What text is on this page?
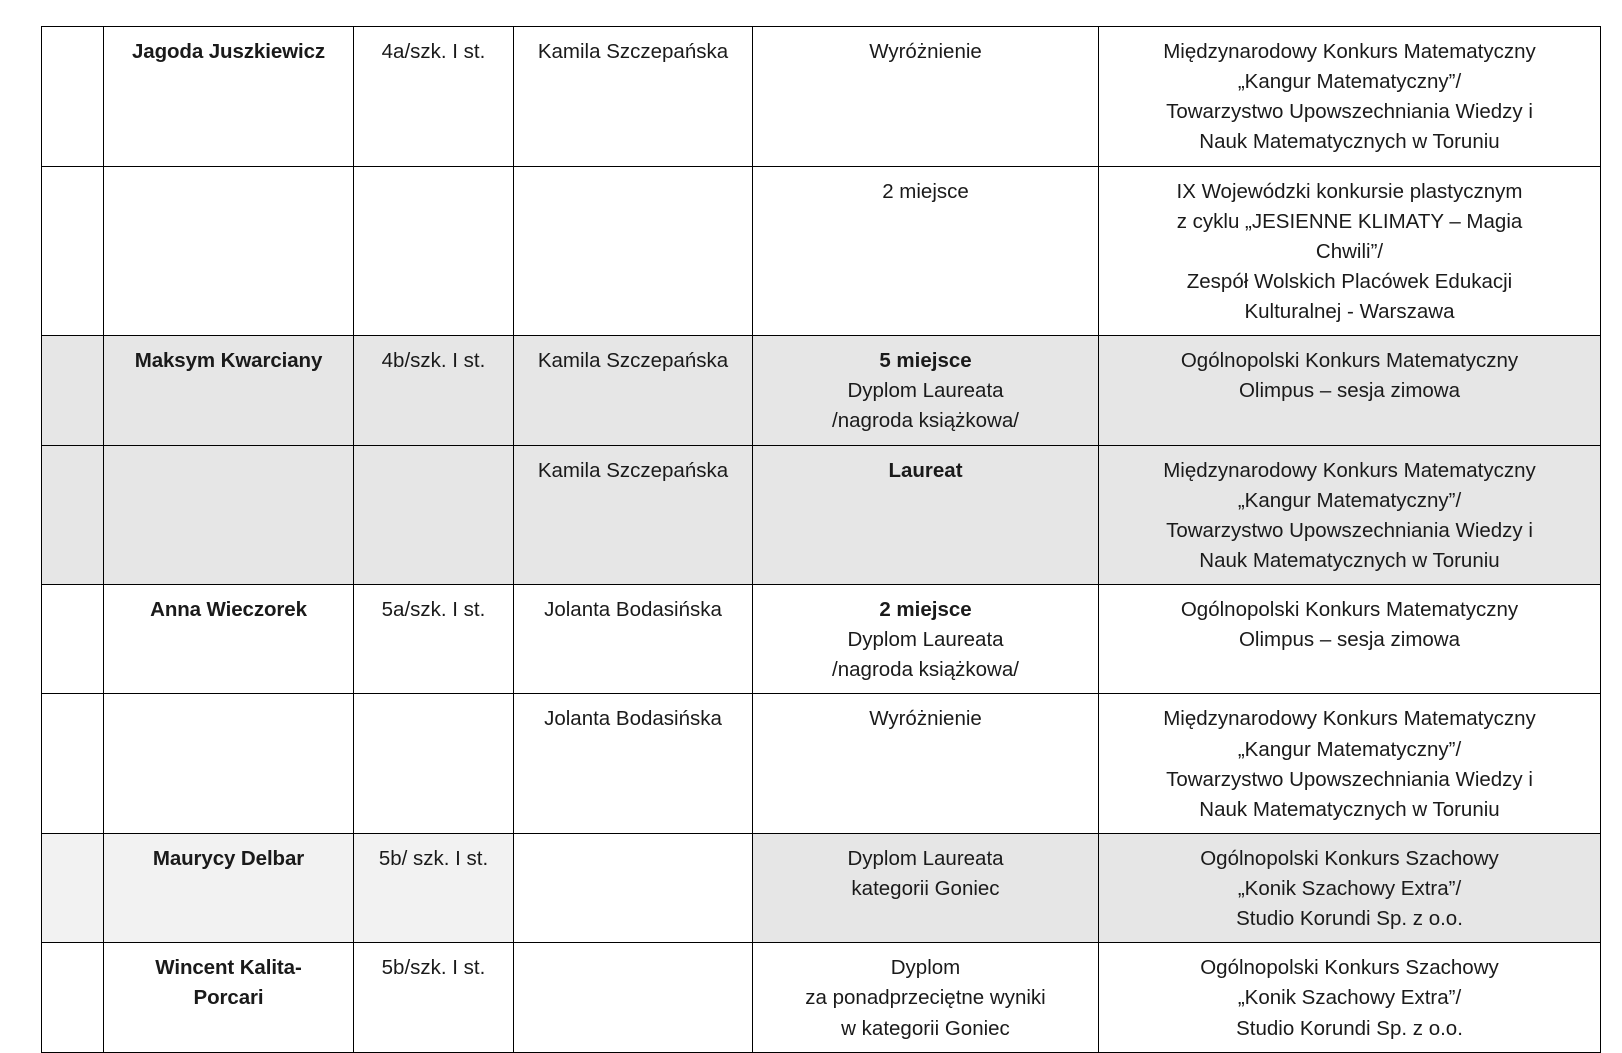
	Jagoda Juszkiewicz	4a/szk. I st.	Kamila Szczepańska	Wyróżnienie	Międzynarodowy Konkurs Matematyczny
„Kangur Matematyczny”/
Towarzystwo Upowszechniania Wiedzy i
Nauk Matematycznych w Toruniu

				2 miejsce	IX Wojewódzki konkursie plastycznym
z cyklu „JESIENNE KLIMATY – Magia
Chwili”/
Zespół Wolskich Placówek Edukacji
Kulturalnej - Warszawa

	Maksym Kwarciany	4b/szk. I st.	Kamila Szczepańska	5 miejsce
Dyplom Laureata
/nagroda książkowa/	Ogólnopolski Konkurs Matematyczny
Olimpus – sesja zimowa

			Kamila Szczepańska	Laureat	Międzynarodowy Konkurs Matematyczny
„Kangur Matematyczny”/
Towarzystwo Upowszechniania Wiedzy i
Nauk Matematycznych w Toruniu

	Anna Wieczorek	5a/szk. I st.	Jolanta Bodasińska	2 miejsce
Dyplom Laureata
/nagroda książkowa/	Ogólnopolski Konkurs Matematyczny
Olimpus – sesja zimowa

			Jolanta Bodasińska	Wyróżnienie	Międzynarodowy Konkurs Matematyczny
„Kangur Matematyczny”/
Towarzystwo Upowszechniania Wiedzy i
Nauk Matematycznych w Toruniu

	Maurycy Delbar	5b/ szk. I st.		Dyplom Laureata
kategorii Goniec	Ogólnopolski Konkurs Szachowy
„Konik Szachowy Extra”/
Studio Korundi Sp. z o.o.

	Wincent Kalita-
Porcari	5b/szk. I st.		Dyplom
za ponadprzeciętne wyniki
w kategorii Goniec	Ogólnopolski Konkurs Szachowy
„Konik Szachowy Extra”/
Studio Korundi Sp. z o.o.
